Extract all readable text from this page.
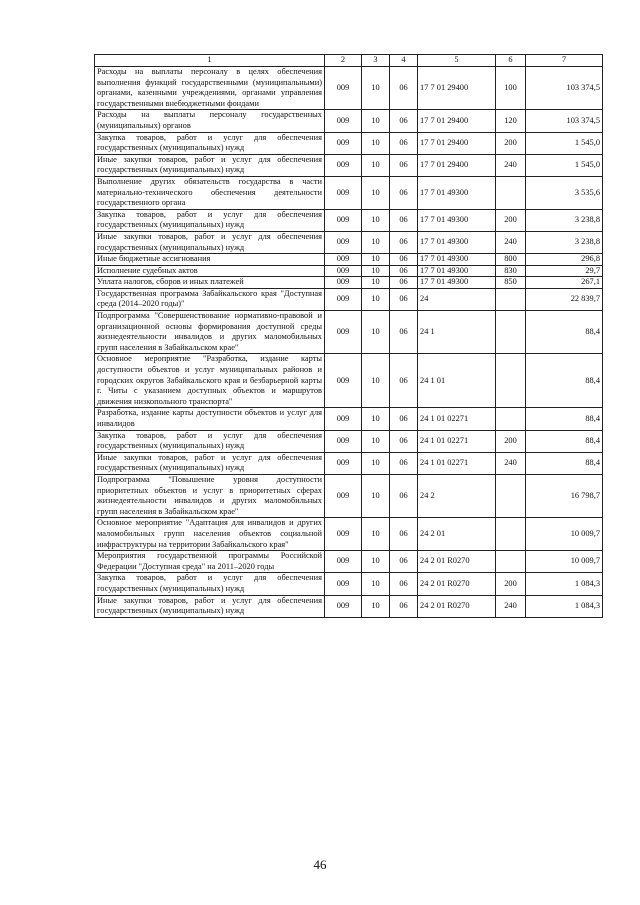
1	2	3	4	5	6	7
Расходы на выплаты персоналу в целях обеспечения выполнения функций государственными (муниципальными) органами, казенными учреждениями, органами управления государственными внебюджетными фондами	009	10	06	17 7 01 29400	100	103 374,5
Расходы на выплаты персоналу государственных (муниципальных) органов	009	10	06	17 7 01 29400	120	103 374,5
Закупка товаров, работ и услуг для обеспечения государственных (муниципальных) нужд	009	10	06	17 7 01 29400	200	1 545,0
Иные закупки товаров, работ и услуг для обеспечения государственных (муниципальных) нужд	009	10	06	17 7 01 29400	240	1 545,0
Выполнение других обязательств государства в части материально-технического обеспечения деятельности государственного органа	009	10	06	17 7 01 49300		3 535,6
Закупка товаров, работ и услуг для обеспечения государственных (муниципальных) нужд	009	10	06	17 7 01 49300	200	3 238,8
Иные закупки товаров, работ и услуг для обеспечения государственных (муниципальных) нужд	009	10	06	17 7 01 49300	240	3 238,8
Иные бюджетные ассигнования	009	10	06	17 7 01 49300	800	296,8
Исполнение судебных актов	009	10	06	17 7 01 49300	830	29,7
Уплата налогов, сборов и иных платежей	009	10	06	17 7 01 49300	850	267,1
Государственная программа Забайкальского края "Доступная среда (2014–2020 годы)"	009	10	06	24		22 839,7
Подпрограмма "Совершенствование нормативно-правовой и организационной основы формирования доступной среды жизнедеятельности инвалидов и других маломобильных групп населения в Забайкальском крае"	009	10	06	24 1		88,4
Основное мероприятие "Разработка, издание карты доступности объектов и услуг муниципальных районов и городских округов Забайкальского края и безбарьерной карты г. Читы с указанием доступных объектов и маршрутов движения низкопольного транспорта"	009	10	06	24 1 01		88,4
Разработка, издание карты доступности объектов и услуг для инвалидов	009	10	06	24 1 01 02271		88,4
Закупка товаров, работ и услуг для обеспечения государственных (муниципальных) нужд	009	10	06	24 1 01 02271	200	88,4
Иные закупки товаров, работ и услуг для обеспечения государственных (муниципальных) нужд	009	10	06	24 1 01 02271	240	88,4
Подпрограмма "Повышение уровня доступности приоритетных объектов и услуг в приоритетных сферах жизнедеятельности инвалидов и других маломобильных групп населения в Забайкальском крае"	009	10	06	24 2		16 798,7
Основное мероприятие "Адаптация для инвалидов и других маломобильных групп населения объектов социальной инфраструктуры на территории Забайкальского края"	009	10	06	24 2 01		10 009,7
Мероприятия государственной программы Российской Федерации "Доступная среда" на 2011–2020 годы	009	10	06	24 2 01 R0270		10 009,7
Закупка товаров, работ и услуг для обеспечения государственных (муниципальных) нужд	009	10	06	24 2 01 R0270	200	1 084,3
Иные закупки товаров, работ и услуг для обеспечения государственных (муниципальных) нужд	009	10	06	24 2 01 R0270	240	1 084,3
46
